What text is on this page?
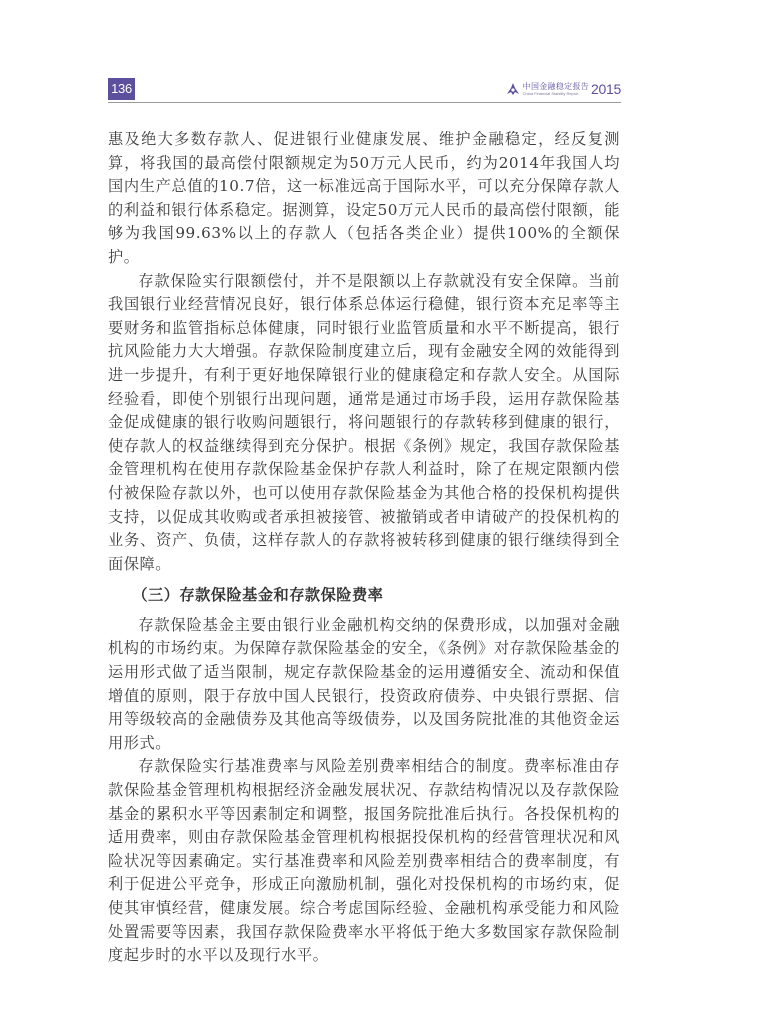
136	中国金融稳定报告
China Financial Stability Report 2015

惠及绝大多数存款人、促进银行业健康发展、维护金融稳定，经反复测算，将我国的最高偿付限额规定为50万元人民币，约为2014年我国人均国内生产总值的10.7倍，这一标准远高于国际水平，可以充分保障存款人的利益和银行体系稳定。据测算，设定50万元人民币的最高偿付限额，能够为我国99.63%以上的存款人（包括各类企业）提供100%的全额保护。

存款保险实行限额偿付，并不是限额以上存款就没有安全保障。当前我国银行业经营情况良好，银行体系总体运行稳健，银行资本充足率等主要财务和监管指标总体健康，同时银行业监管质量和水平不断提高，银行抗风险能力大大增强。存款保险制度建立后，现有金融安全网的效能得到进一步提升，有利于更好地保障银行业的健康稳定和存款人安全。从国际经验看，即使个别银行出现问题，通常是通过市场手段，运用存款保险基金促成健康的银行收购问题银行，将问题银行的存款转移到健康的银行，使存款人的权益继续得到充分保护。根据《条例》规定，我国存款保险基金管理机构在使用存款保险基金保护存款人利益时，除了在规定限额内偿付被保险存款以外，也可以使用存款保险基金为其他合格的投保机构提供支持，以促成其收购或者承担被接管、被撤销或者申请破产的投保机构的业务、资产、负债，这样存款人的存款将被转移到健康的银行继续得到全面保障。

（三）存款保险基金和存款保险费率

存款保险基金主要由银行业金融机构交纳的保费形成，以加强对金融机构的市场约束。为保障存款保险基金的安全，《条例》对存款保险基金的运用形式做了适当限制，规定存款保险基金的运用遵循安全、流动和保值增值的原则，限于存放中国人民银行，投资政府债券、中央银行票据、信用等级较高的金融债券及其他高等级债券，以及国务院批准的其他资金运用形式。

存款保险实行基准费率与风险差别费率相结合的制度。费率标准由存款保险基金管理机构根据经济金融发展状况、存款结构情况以及存款保险基金的累积水平等因素制定和调整，报国务院批准后执行。各投保机构的适用费率，则由存款保险基金管理机构根据投保机构的经营管理状况和风险状况等因素确定。实行基准费率和风险差别费率相结合的费率制度，有利于促进公平竞争，形成正向激励机制，强化对投保机构的市场约束，促使其审慎经营，健康发展。综合考虑国际经验、金融机构承受能力和风险处置需要等因素，我国存款保险费率水平将低于绝大多数国家存款保险制度起步时的水平以及现行水平。
